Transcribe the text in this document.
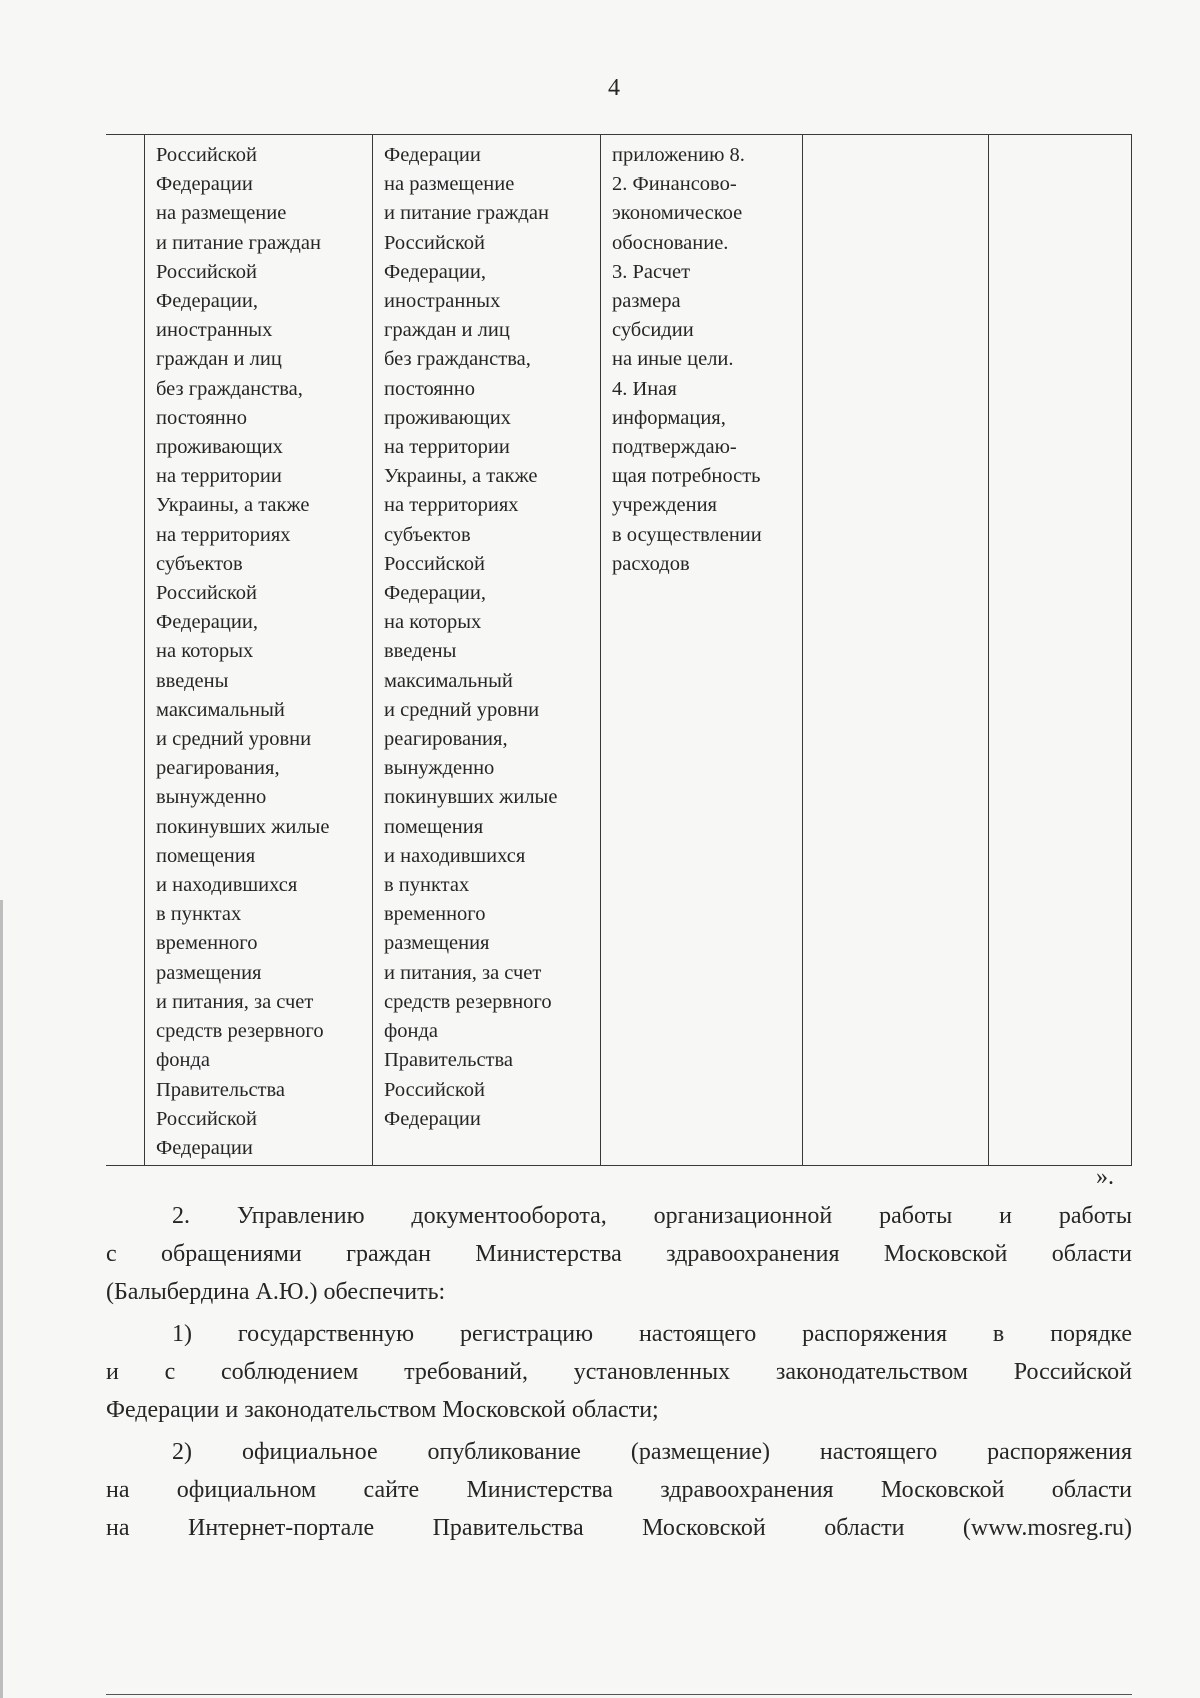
4
Российской
Федерации
на размещение
и питание граждан
Российской
Федерации,
иностранных
граждан и лиц
без гражданства,
постоянно
проживающих
на территории
Украины, а также
на территориях
субъектов
Российской
Федерации,
на которых
введены
максимальный
и средний уровни
реагирования,
вынужденно
покинувших жилые
помещения
и находившихся
в пунктах
временного
размещения
и питания, за счет
средств резервного
фонда
Правительства
Российской
Федерации
Федерации
на размещение
и питание граждан
Российской
Федерации,
иностранных
граждан и лиц
без гражданства,
постоянно
проживающих
на территории
Украины, а также
на территориях
субъектов
Российской
Федерации,
на которых
введены
максимальный
и средний уровни
реагирования,
вынужденно
покинувших жилые
помещения
и находившихся
в пунктах
временного
размещения
и питания, за счет
средств резервного
фонда
Правительства
Российской
Федерации
приложению 8.
2. Финансово-
экономическое
обоснование.
3. Расчет
размера
субсидии
на иные цели.
4. Иная
информация,
подтверждаю-
щая потребность
учреждения
в осуществлении
расходов
».
2. Управлению документооборота, организационной работы и работы
с обращениями граждан Министерства здравоохранения Московской области
(Балыбердина А.Ю.) обеспечить:
1) государственную регистрацию настоящего распоряжения в порядке
и с соблюдением требований, установленных законодательством Российской
Федерации и законодательством Московской области;
2) официальное опубликование (размещение) настоящего распоряжения
на официальном сайте Министерства здравоохранения Московской области
на Интернет-портале Правительства Московской области (www.mosreg.ru)
